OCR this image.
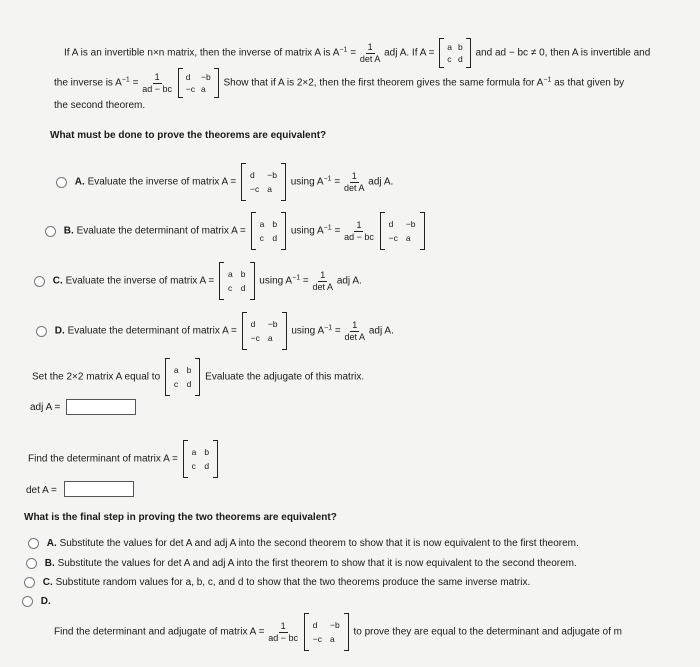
If A is an invertible n×n matrix, then the inverse of matrix A is $A^{-1} = \frac{1}{\text{det A}}$ adj A. If A =
a b
c d
and ad − bc ≠ 0, then A is invertible and
the inverse is $A^{-1} = \frac{1}{ad - bc}$
d	−b
−c a
Show that if A is 2×2, then the first theorem gives the same formula for $A^{-1}$ as that given by
the second theorem.
What must be done to prove the theorems are equivalent?
A. Evaluate the inverse of matrix A =
d	−b
−c a
using $A^{-1} = \frac{1}{\text{det A}}$ adj A.
B. Evaluate the determinant of matrix A =
a b
c d
using $A^{-1} = \frac{1}{ad - bc}$
d	−b
−c a
C. Evaluate the inverse of matrix A =
a b
c d
using $A^{-1} = \frac{1}{\text{det A}}$ adj A.
D. Evaluate the determinant of matrix A =
d	−b
−c a
using $A^{-1} = \frac{1}{\text{det A}}$ adj A.
Set the 2×2 matrix A equal to
a b
c d
Evaluate the adjugate of this matrix.
adj A =
Find the determinant of matrix A =
a b
c d
det A =
What is the final step in proving the two theorems are equivalent?
A. Substitute the values for det A and adj A into the second theorem to show that it is now equivalent to the first theorem.
B. Substitute the values for det A and adj A into the first theorem to show that it is now equivalent to the second theorem.
C. Substitute random values for a, b, c, and d to show that the two theorems produce the same inverse matrix.
D.
Find the determinant and adjugate of matrix $A = \frac{1}{ad - bc}$
d	−b
−c a
to prove they are equal to the determinant and adjugate of m
